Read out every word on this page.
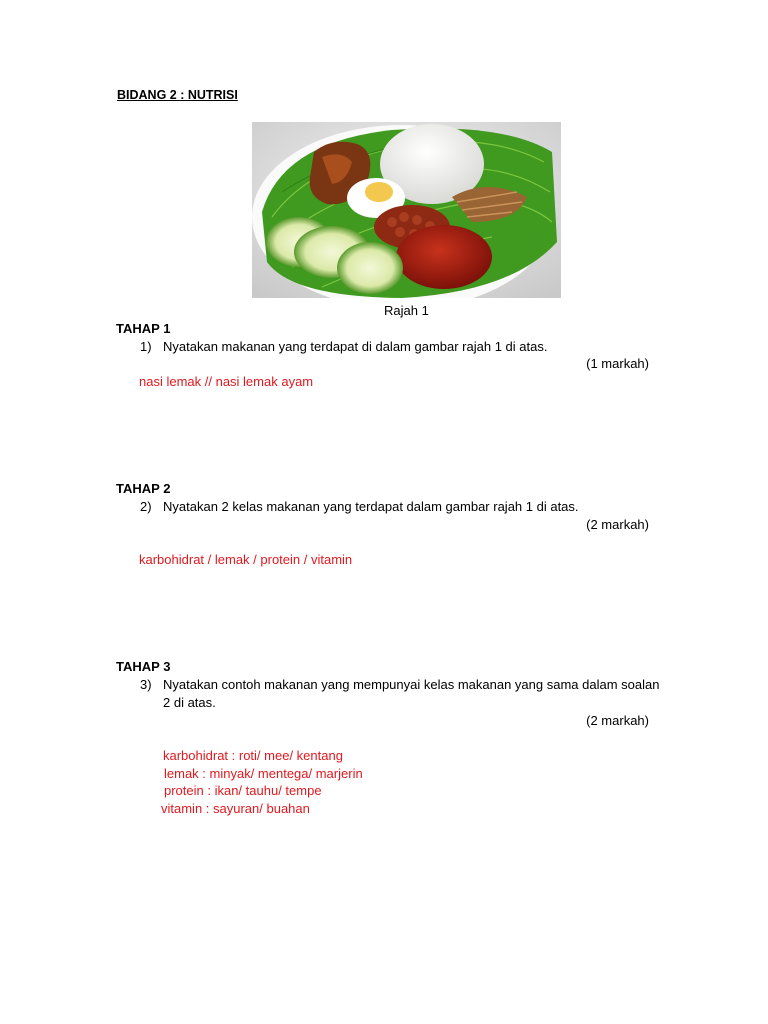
BIDANG 2 : NUTRISI
Rajah 1
TAHAP 1
1) Nyatakan makanan yang terdapat di dalam gambar rajah 1 di atas.
(1 markah)
nasi lemak // nasi lemak ayam
TAHAP 2
2) Nyatakan 2 kelas makanan yang terdapat dalam gambar rajah 1 di atas.
(2 markah)
karbohidrat / lemak / protein / vitamin
TAHAP 3
3) Nyatakan contoh makanan yang mempunyai kelas makanan yang sama dalam soalan
2 di atas.
(2 markah)
karbohidrat : roti/ mee/ kentang
lemak : minyak/ mentega/ marjerin
protein : ikan/ tauhu/ tempe
vitamin : sayuran/ buahan
